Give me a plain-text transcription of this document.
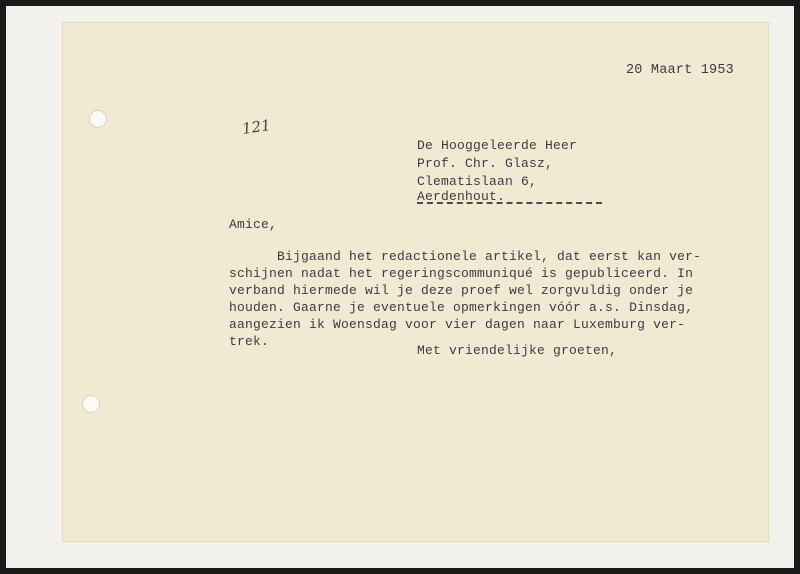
20 Maart 1953
121
De Hooggeleerde Heer
Prof. Chr. Glasz,
Clematislaan 6,
Aerdenhout.
Amice,
Bijgaand het redactionele artikel, dat eerst kan ver-
schijnen nadat het regeringscommuniqué is gepubliceerd. In
verband hiermede wil je deze proef wel zorgvuldig onder je
houden. Gaarne je eventuele opmerkingen vóór a.s. Dinsdag,
aangezien ik Woensdag voor vier dagen naar Luxemburg ver-
trek.
Met vriendelijke groeten,
